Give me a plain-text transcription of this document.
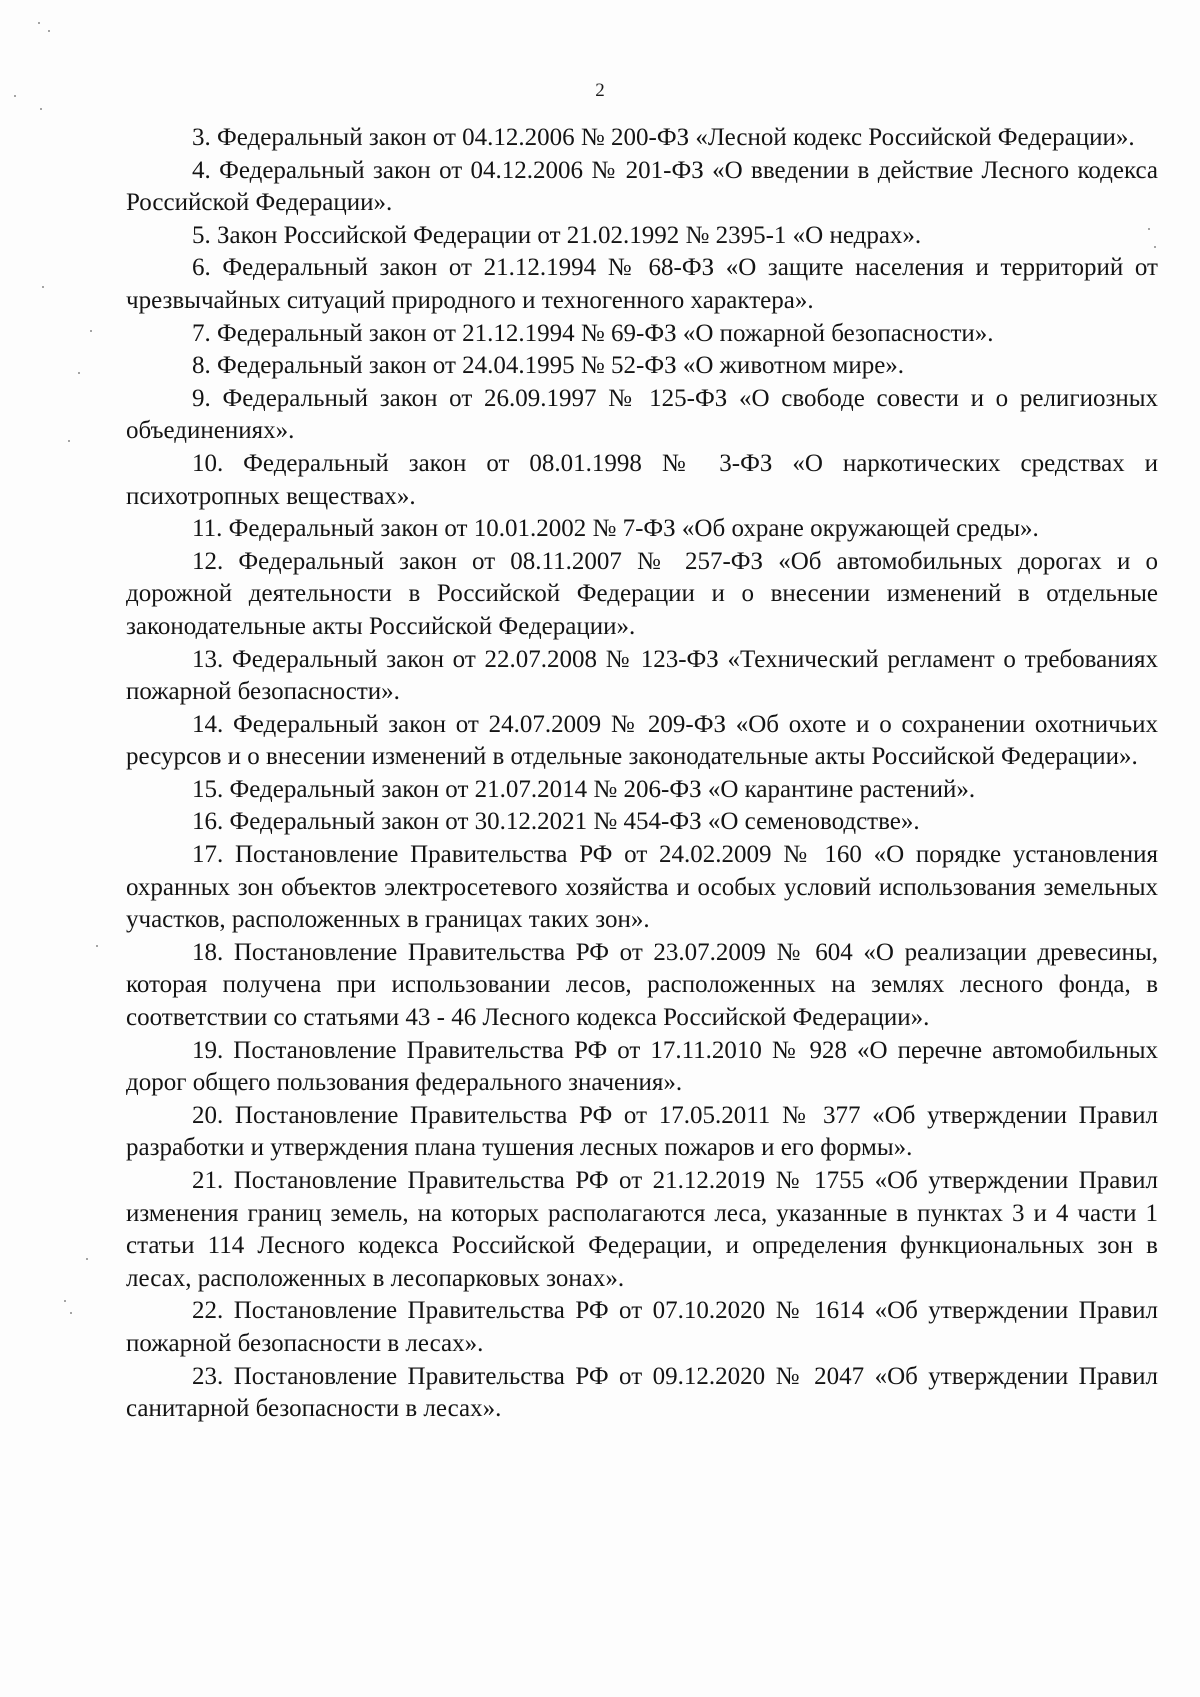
2

3. Федеральный закон от 04.12.2006 № 200-ФЗ «Лесной кодекс Российской Федерации».

4. Федеральный закон от 04.12.2006 № 201-ФЗ «О введении в действие Лесного кодекса Российской Федерации».

5. Закон Российской Федерации от 21.02.1992 № 2395-1 «О недрах».

6. Федеральный закон от 21.12.1994 № 68-ФЗ «О защите населения и территорий от чрезвычайных ситуаций природного и техногенного характера».

7. Федеральный закон от 21.12.1994 № 69-ФЗ «О пожарной безопасности».

8. Федеральный закон от 24.04.1995 № 52-ФЗ «О животном мире».

9. Федеральный закон от 26.09.1997 № 125-ФЗ «О свободе совести и о религиозных объединениях».

10. Федеральный закон от 08.01.1998 № 3-ФЗ «О наркотических средствах и психотропных веществах».

11. Федеральный закон от 10.01.2002 № 7-ФЗ «Об охране окружающей среды».

12. Федеральный закон от 08.11.2007 № 257-ФЗ «Об автомобильных дорогах и о дорожной деятельности в Российской Федерации и о внесении изменений в отдельные законодательные акты Российской Федерации».

13. Федеральный закон от 22.07.2008 № 123-ФЗ «Технический регламент о требованиях пожарной безопасности».

14. Федеральный закон от 24.07.2009 № 209-ФЗ «Об охоте и о сохранении охотничьих ресурсов и о внесении изменений в отдельные законодательные акты Российской Федерации».

15. Федеральный закон от 21.07.2014 № 206-ФЗ «О карантине растений».

16. Федеральный закон от 30.12.2021 № 454-ФЗ «О семеноводстве».

17. Постановление Правительства РФ от 24.02.2009 № 160 «О порядке установления охранных зон объектов электросетевого хозяйства и особых условий использования земельных участков, расположенных в границах таких зон».

18. Постановление Правительства РФ от 23.07.2009 № 604 «О реализации древесины, которая получена при использовании лесов, расположенных на землях лесного фонда, в соответствии со статьями 43 - 46 Лесного кодекса Российской Федерации».

19. Постановление Правительства РФ от 17.11.2010 № 928 «О перечне автомобильных дорог общего пользования федерального значения».

20. Постановление Правительства РФ от 17.05.2011 № 377 «Об утверждении Правил разработки и утверждения плана тушения лесных пожаров и его формы».

21. Постановление Правительства РФ от 21.12.2019 № 1755 «Об утверждении Правил изменения границ земель, на которых располагаются леса, указанные в пунктах 3 и 4 части 1 статьи 114 Лесного кодекса Российской Федерации, и определения функциональных зон в лесах, расположенных в лесопарковых зонах».

22. Постановление Правительства РФ от 07.10.2020 № 1614 «Об утверждении Правил пожарной безопасности в лесах».

23. Постановление Правительства РФ от 09.12.2020 № 2047 «Об утверждении Правил санитарной безопасности в лесах».
